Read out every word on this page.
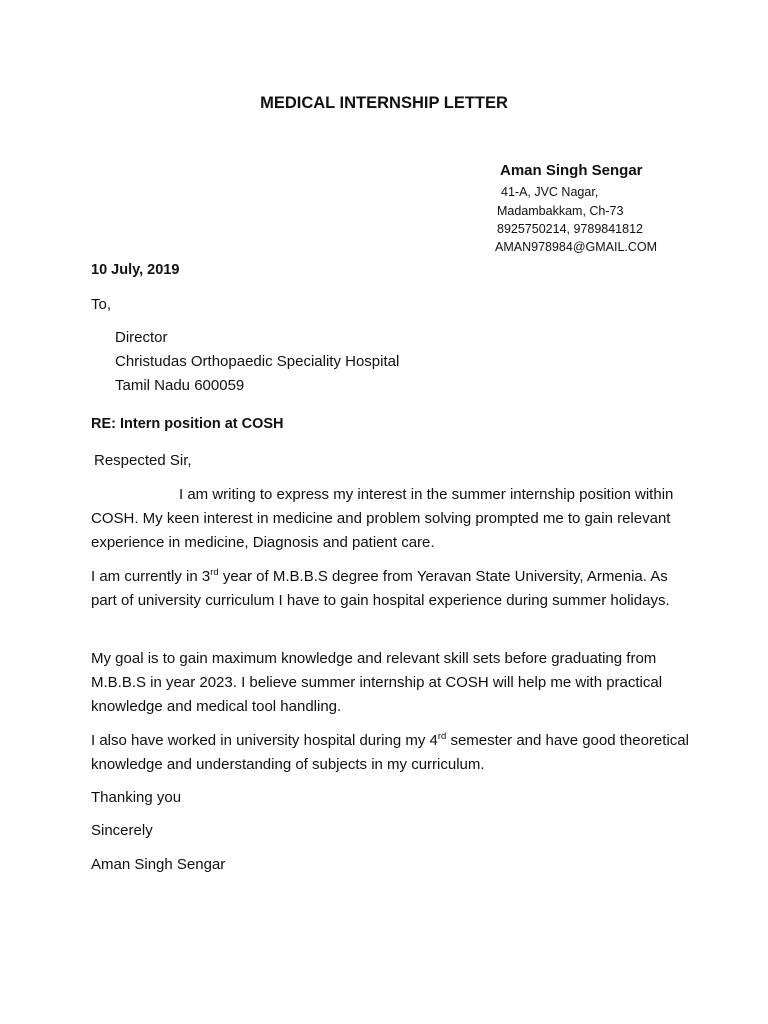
MEDICAL INTERNSHIP LETTER
Aman Singh Sengar
41-A, JVC Nagar,
Madambakkam, Ch-73
8925750214, 9789841812
AMAN978984@GMAIL.COM
10 July, 2019
To,
Director
Christudas Orthopaedic Speciality Hospital
Tamil Nadu 600059
RE: Intern position at COSH
Respected Sir,
I am writing to express my interest in the summer internship position within COSH. My keen interest in medicine and problem solving prompted me to gain relevant experience in medicine, Diagnosis and patient care.
I am currently in 3rd year of M.B.B.S degree from Yeravan State University, Armenia. As part of university curriculum I have to gain hospital experience during summer holidays.
My goal is to gain maximum knowledge and relevant skill sets before graduating from M.B.B.S in year 2023. I believe summer internship at COSH will help me with practical knowledge and medical tool handling.
I also have worked in university hospital during my 4rd semester and have good theoretical knowledge and understanding of subjects in my curriculum.
Thanking you
Sincerely
Aman Singh Sengar
